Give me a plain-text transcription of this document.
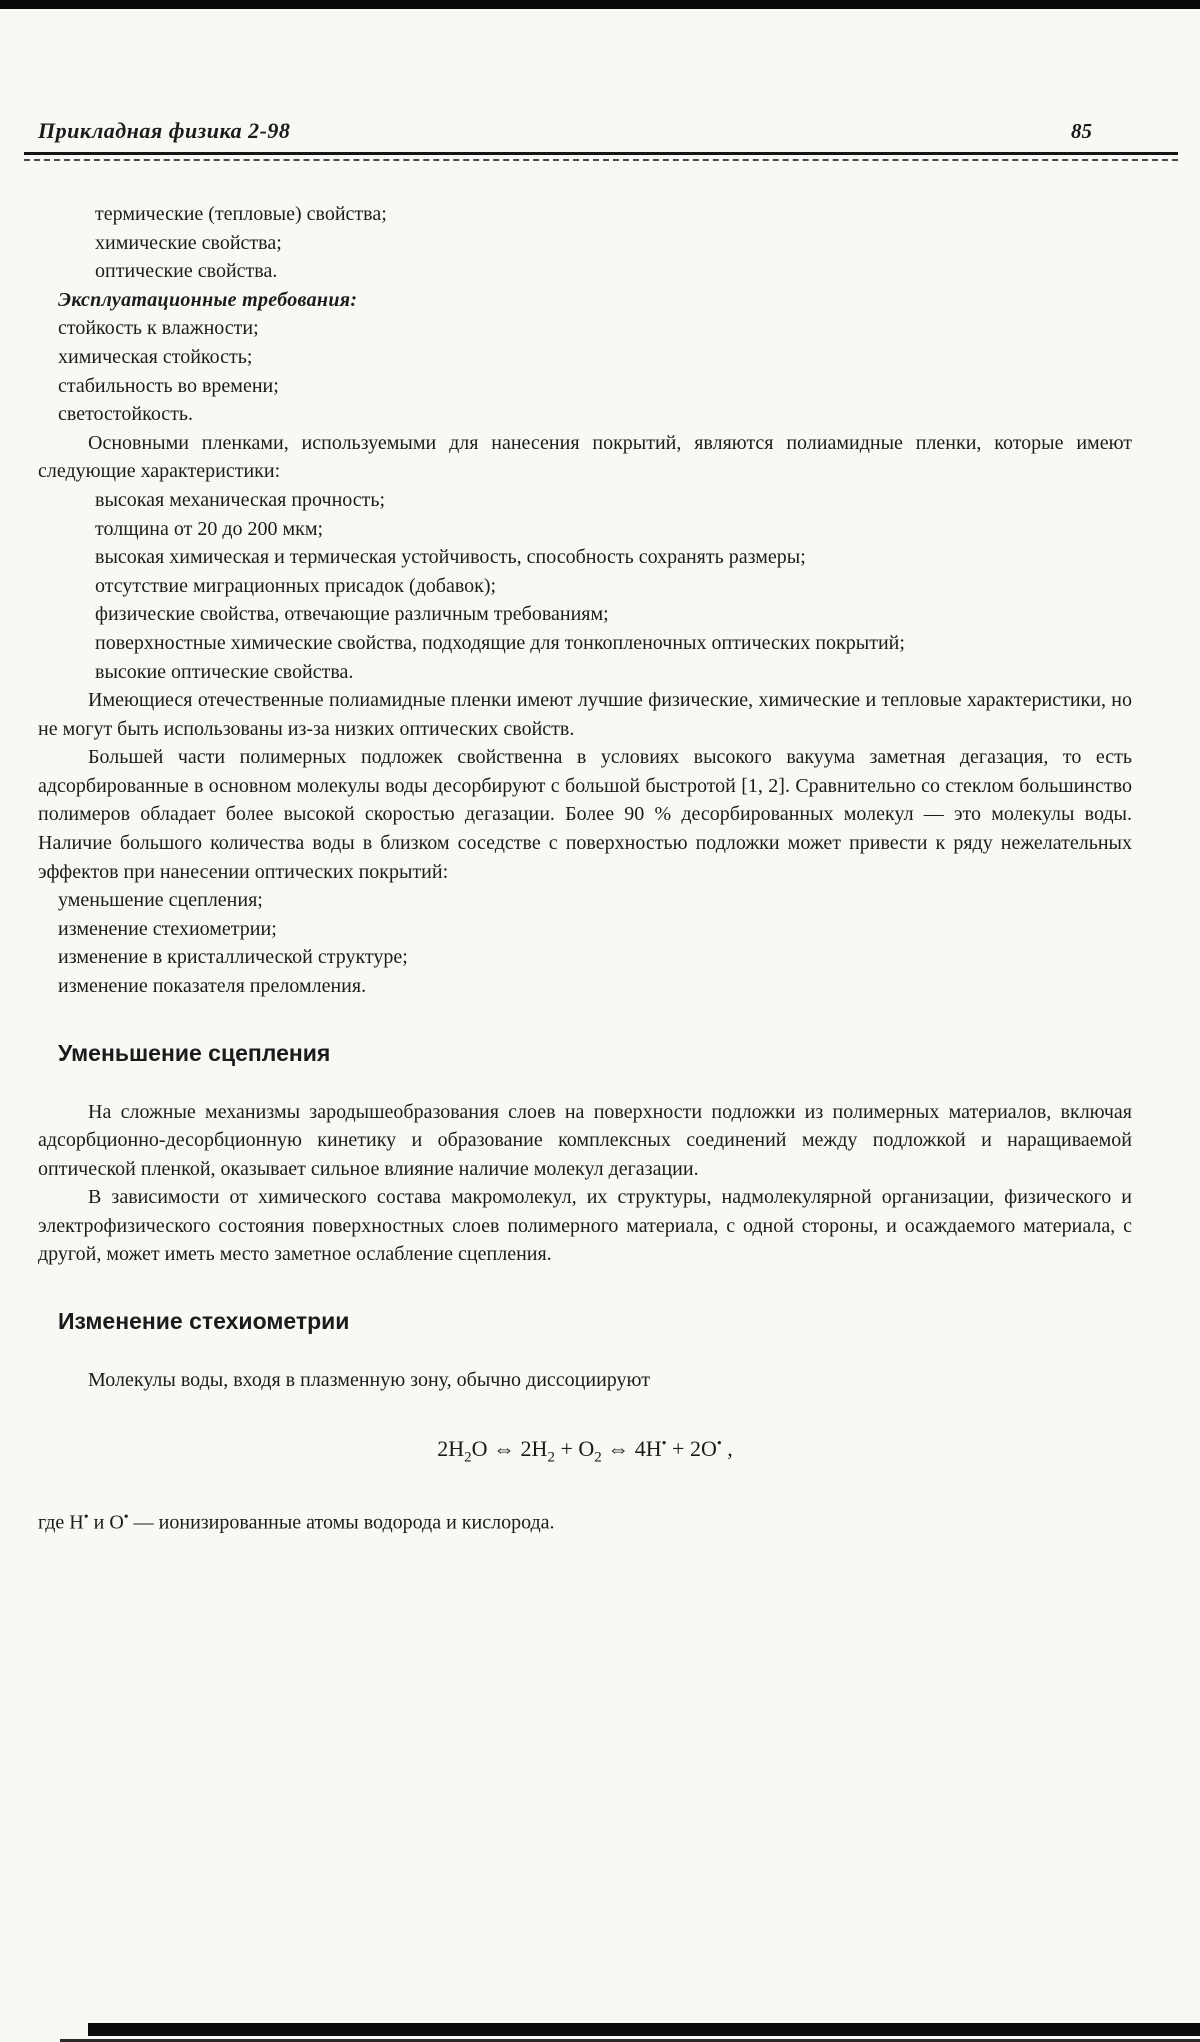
Прикладная физика 2-98	85
термические (тепловые) свойства;
химические свойства;
оптические свойства.
Эксплуатационные требования:
стойкость к влажности;
химическая стойкость;
стабильность во времени;
светостойкость.
Основными пленками, используемыми для нанесения покрытий, являются полиамидные пленки, которые имеют следующие характеристики:
высокая механическая прочность;
толщина от 20 до 200 мкм;
высокая химическая и термическая устойчивость, способность сохранять размеры;
отсутствие миграционных присадок (добавок);
физические свойства, отвечающие различным требованиям;
поверхностные химические свойства, подходящие для тонкопленочных оптических покрытий;
высокие оптические свойства.
Имеющиеся отечественные полиамидные пленки имеют лучшие физические, химические и тепловые характеристики, но не могут быть использованы из-за низких оптических свойств.
Большей части полимерных подложек свойственна в условиях высокого вакуума заметная дегазация, то есть адсорбированные в основном молекулы воды десорбируют с большой быстротой [1, 2]. Сравнительно со стеклом большинство полимеров обладает более высокой скоростью дегазации. Более 90 % десорбированных молекул — это молекулы воды. Наличие большого количества воды в близком соседстве с поверхностью подложки может привести к ряду нежелательных эффектов при нанесении оптических покрытий:
уменьшение сцепления;
изменение стехиометрии;
изменение в кристаллической структуре;
изменение показателя преломления.
Уменьшение сцепления
На сложные механизмы зародышеобразования слоев на поверхности подложки из полимерных материалов, включая адсорбционно-десорбционную кинетику и образование комплексных соединений между подложкой и наращиваемой оптической пленкой, оказывает сильное влияние наличие молекул дегазации.
В зависимости от химического состава макромолекул, их структуры, надмолекулярной организации, физического и электрофизического состояния поверхностных слоев полимерного материала, с одной стороны, и осаждаемого материала, с другой, может иметь место заметное ослабление сцепления.
Изменение стехиометрии
Молекулы воды, входя в плазменную зону, обычно диссоциируют
$2H_2O$ ⇔ $2H_2 + O_2$ ⇔ 4H• + 2O• ,
где H• и O• — ионизированные атомы водорода и кислорода.
